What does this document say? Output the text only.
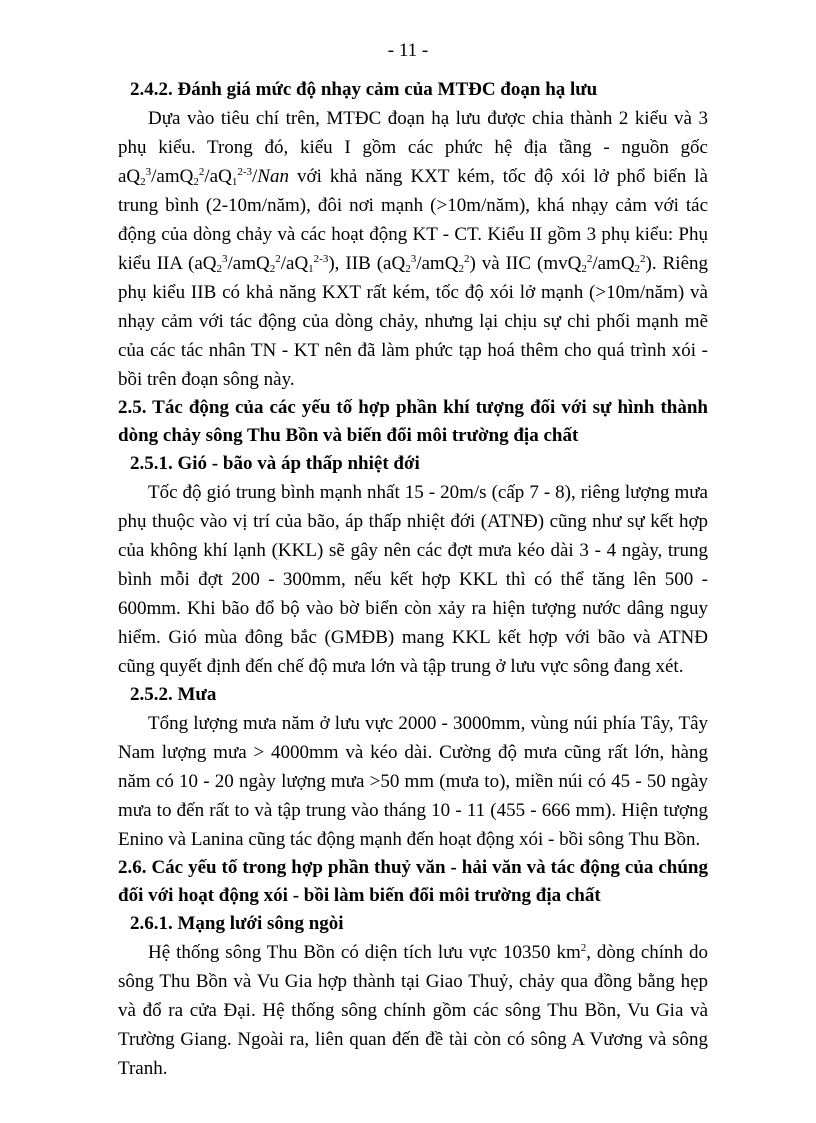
- 11 -
2.4.2. Đánh giá mức độ nhạy cảm của MTĐC đoạn hạ lưu

Dựa vào tiêu chí trên, MTĐC đoạn hạ lưu được chia thành 2 kiểu và 3 phụ kiểu. Trong đó, kiểu I gồm các phức hệ địa tầng - nguồn gốc $aQ_2^3/amQ_2^2/aQ_1^{2-3}$/Nan với khả năng KXT kém, tốc độ xói lở phổ biến là trung bình (2-10m/năm), đôi nơi mạnh (>10m/năm), khá nhạy cảm với tác động của dòng chảy và các hoạt động KT - CT. Kiểu II gồm 3 phụ kiểu: Phụ kiểu IIA $(aQ_2^3/amQ_2^2/aQ_1^{2-3})$, IIB $(aQ_2^3/amQ_2^2)$ và IIC (mvQ$_2^2$/amQ$_2^2$). Riêng phụ kiểu IIB có khả năng KXT rất kém, tốc độ xói lở mạnh (>10m/năm) và nhạy cảm với tác động của dòng chảy, nhưng lại chịu sự chi phối mạnh mẽ của các tác nhân TN - KT nên đã làm phức tạp hoá thêm cho quá trình xói - bồi trên đoạn sông này.

2.5. Tác động của các yếu tố hợp phần khí tượng đối với sự hình thành dòng chảy sông Thu Bồn và biến đổi môi trường địa chất
2.5.1. Gió - bão và áp thấp nhiệt đới

Tốc độ gió trung bình mạnh nhất 15 - 20m/s (cấp 7 - 8), riêng lượng mưa phụ thuộc vào vị trí của bão, áp thấp nhiệt đới (ATNĐ) cũng như sự kết hợp của không khí lạnh (KKL) sẽ gây nên các đợt mưa kéo dài 3 - 4 ngày, trung bình mỗi đợt 200 - 300mm, nếu kết hợp KKL thì có thể tăng lên 500 - 600mm. Khi bão đổ bộ vào bờ biển còn xảy ra hiện tượng nước dâng nguy hiểm. Gió mùa đông bắc (GMĐB) mang KKL kết hợp với bão và ATNĐ cũng quyết định đến chế độ mưa lớn và tập trung ở lưu vực sông đang xét.

2.5.2. Mưa

Tổng lượng mưa năm ở lưu vực 2000 - 3000mm, vùng núi phía Tây, Tây Nam lượng mưa > 4000mm và kéo dài. Cường độ mưa cũng rất lớn, hàng năm có 10 - 20 ngày lượng mưa >50 mm (mưa to), miền núi có 45 - 50 ngày mưa to đến rất to và tập trung vào tháng 10 - 11 (455 - 666 mm). Hiện tượng Enino và Lanina cũng tác động mạnh đến hoạt động xói - bồi sông Thu Bồn.

2.6. Các yếu tố trong hợp phần thuỷ văn - hải văn và tác động của chúng đối với hoạt động xói - bồi làm biến đổi môi trường địa chất
2.6.1. Mạng lưới sông ngòi

Hệ thống sông Thu Bồn có diện tích lưu vực 10350 $km^2$, dòng chính do sông Thu Bồn và Vu Gia hợp thành tại Giao Thuỷ, chảy qua đồng bằng hẹp và đổ ra cửa Đại. Hệ thống sông chính gồm các sông Thu Bồn, Vu Gia và Trường Giang. Ngoài ra, liên quan đến đề tài còn có sông A Vương và sông Tranh.
